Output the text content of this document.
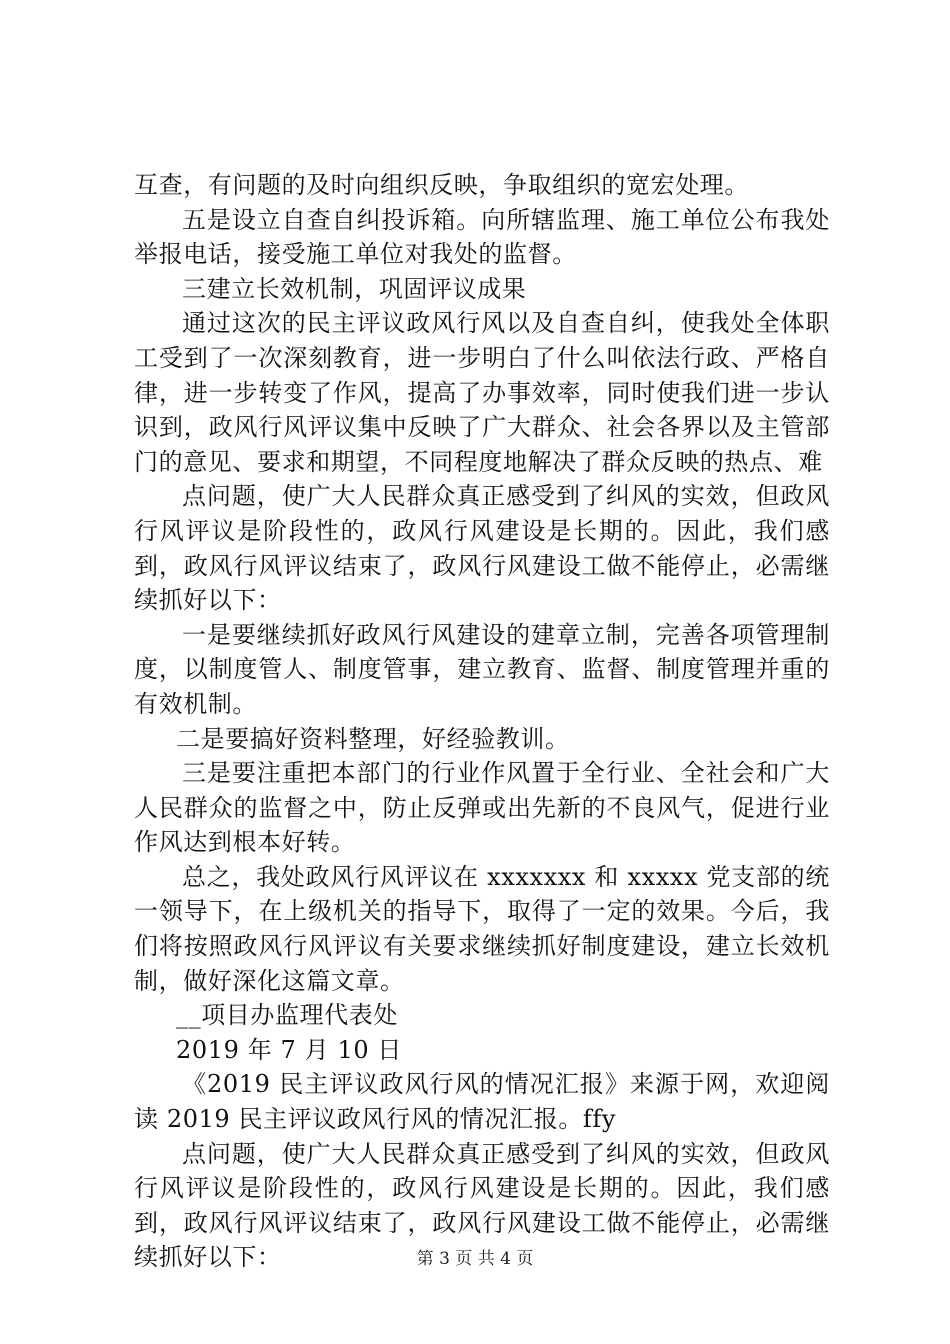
互查，有问题的及时向组织反映，争取组织的宽宏处理。

五是设立自查自纠投诉箱。向所辖监理、施工单位公布我处举报电话，接受施工单位对我处的监督。

三建立长效机制，巩固评议成果

通过这次的民主评议政风行风以及自查自纠，使我处全体职工受到了一次深刻教育，进一步明白了什么叫依法行政、严格自律，进一步转变了作风，提高了办事效率，同时使我们进一步认识到，政风行风评议集中反映了广大群众、社会各界以及主管部门的意见、要求和期望，不同程度地解决了群众反映的热点、难

点问题，使广大人民群众真正感受到了纠风的实效，但政风行风评议是阶段性的，政风行风建设是长期的。因此，我们感到，政风行风评议结束了，政风行风建设工做不能停止，必需继续抓好以下：

一是要继续抓好政风行风建设的建章立制，完善各项管理制度，以制度管人、制度管事，建立教育、监督、制度管理并重的有效机制。

二是要搞好资料整理，好经验教训。

三是要注重把本部门的行业作风置于全行业、全社会和广大人民群众的监督之中，防止反弹或出先新的不良风气，促进行业作风达到根本好转。

总之，我处政风行风评议在 xxxxxxx 和 xxxxx 党支部的统一领导下，在上级机关的指导下，取得了一定的效果。今后，我们将按照政风行风评议有关要求继续抓好制度建设，建立长效机制，做好深化这篇文章。

__项目办监理代表处

2019 年 7 月 10 日

《2019 民主评议政风行风的情况汇报》来源于网，欢迎阅读 2019 民主评议政风行风的情况汇报。ffy

点问题，使广大人民群众真正感受到了纠风的实效，但政风行风评议是阶段性的，政风行风建设是长期的。因此，我们感到，政风行风评议结束了，政风行风建设工做不能停止，必需继续抓好以下：	第 3 页 共 4 页
